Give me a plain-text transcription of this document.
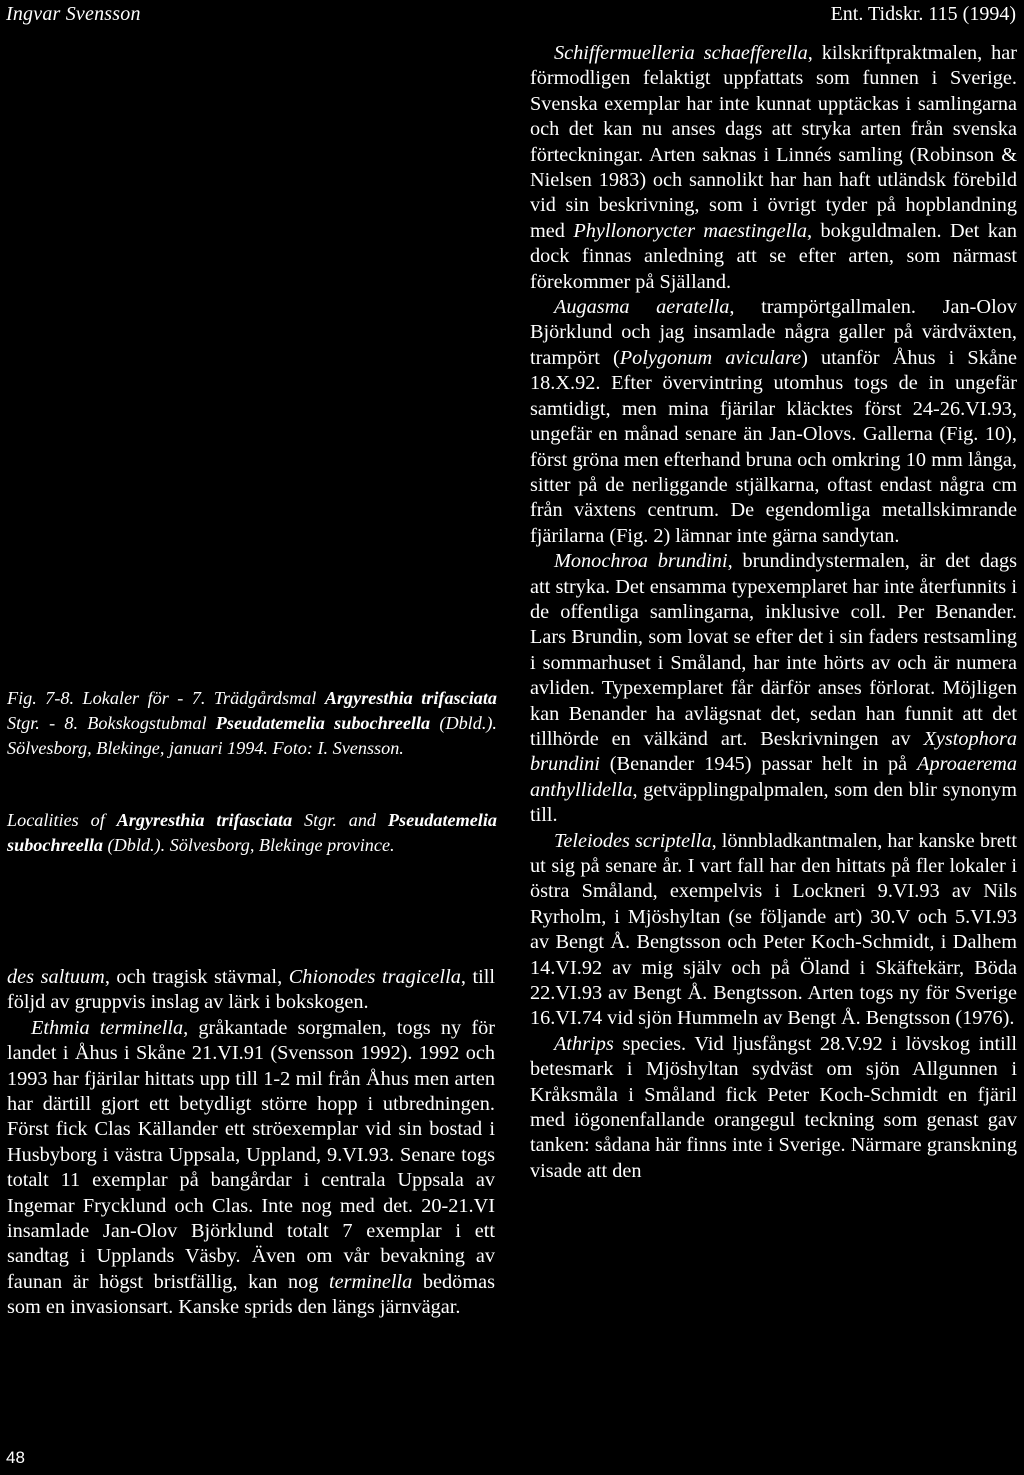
Ingvar Svensson	Ent. Tidskr. 115 (1994)

Fig. 7-8. Lokaler för - 7. Trädgårdsmal Argyresthia trifasciata Stgr. - 8. Bokskogstubmal Pseudatemelia subochreella (Dbld.). Sölvesborg, Blekinge, januari 1994. Foto: I. Svensson.

Localities of Argyresthia trifasciata Stgr. and Pseudatemelia subochreella (Dbld.). Sölvesborg, Blekinge province.

des saltuum, och tragisk stävmal, Chionodes tragicella, till följd av gruppvis inslag av lärk i bokskogen.

Ethmia terminella, gråkantade sorgmalen, togs ny för landet i Åhus i Skåne 21.VI.91 (Svensson 1992). 1992 och 1993 har fjärilar hittats upp till 1-2 mil från Åhus men arten har därtill gjort ett betydligt större hopp i utbredningen. Först fick Clas Källander ett ströexemplar vid sin bostad i Husbyborg i västra Uppsala, Uppland, 9.VI.93. Senare togs totalt 11 exemplar på bangårdar i centrala Uppsala av Ingemar Frycklund och Clas. Inte nog med det. 20-21.VI insamlade Jan-Olov Björklund totalt 7 exemplar i ett sandtag i Upplands Väsby. Även om vår bevakning av faunan är högst bristfällig, kan nog terminella bedömas som en invasionsart. Kanske sprids den längs järnvägar.

Schiffermuelleria schaefferella, kilskriftpraktmalen, har förmodligen felaktigt uppfattats som funnen i Sverige. Svenska exemplar har inte kunnat upptäckas i samlingarna och det kan nu anses dags att stryka arten från svenska förteckningar. Arten saknas i Linnés samling (Robinson & Nielsen 1983) och sannolikt har han haft utländsk förebild vid sin beskrivning, som i övrigt tyder på hopblandning med Phyllonorycter maestingella, bokguldmalen. Det kan dock finnas anledning att se efter arten, som närmast förekommer på Själland.

Augasma aeratella, trampörtgallmalen. Jan-Olov Björklund och jag insamlade några galler på värdväxten, trampört (Polygonum aviculare) utanför Åhus i Skåne 18.X.92. Efter övervintring utomhus togs de in ungefär samtidigt, men mina fjärilar kläcktes först 24-26.VI.93, ungefär en månad senare än Jan-Olovs. Gallerna (Fig. 10), först gröna men efterhand bruna och omkring 10 mm långa, sitter på de nerliggande stjälkarna, oftast endast några cm från växtens centrum. De egendomliga metallskimrande fjärilarna (Fig. 2) lämnar inte gärna sandytan.

Monochroa brundini, brundindystermalen, är det dags att stryka. Det ensamma typexemplaret har inte återfunnits i de offentliga samlingarna, inklusive coll. Per Benander. Lars Brundin, som lovat se efter det i sin faders restsamling i sommarhuset i Småland, har inte hörts av och är numera avliden. Typexemplaret får därför anses förlorat. Möjligen kan Benander ha avlägsnat det, sedan han funnit att det tillhörde en välkänd art. Beskrivningen av Xystophora brundini (Benander 1945) passar helt in på Aproaerema anthyllidella, getväpplingpalpmalen, som den blir synonym till.

Teleiodes scriptella, lönnbladkantmalen, har kanske brett ut sig på senare år. I vart fall har den hittats på fler lokaler i östra Småland, exempelvis i Lockneri 9.VI.93 av Nils Ryrholm, i Mjöshyltan (se följande art) 30.V och 5.VI.93 av Bengt Å. Bengtsson och Peter Koch-Schmidt, i Dalhem 14.VI.92 av mig själv och på Öland i Skäftekärr, Böda 22.VI.93 av Bengt Å. Bengtsson. Arten togs ny för Sverige 16.VI.74 vid sjön Hummeln av Bengt Å. Bengtsson (1976).

Athrips species. Vid ljusfångst 28.V.92 i lövskog intill betesmark i Mjöshyltan sydväst om sjön Allgunnen i Kråksmåla i Småland fick Peter Koch-Schmidt en fjäril med iögonenfallande orangegul teckning som genast gav tanken: sådana här finns inte i Sverige. Närmare granskning visade att den

48
